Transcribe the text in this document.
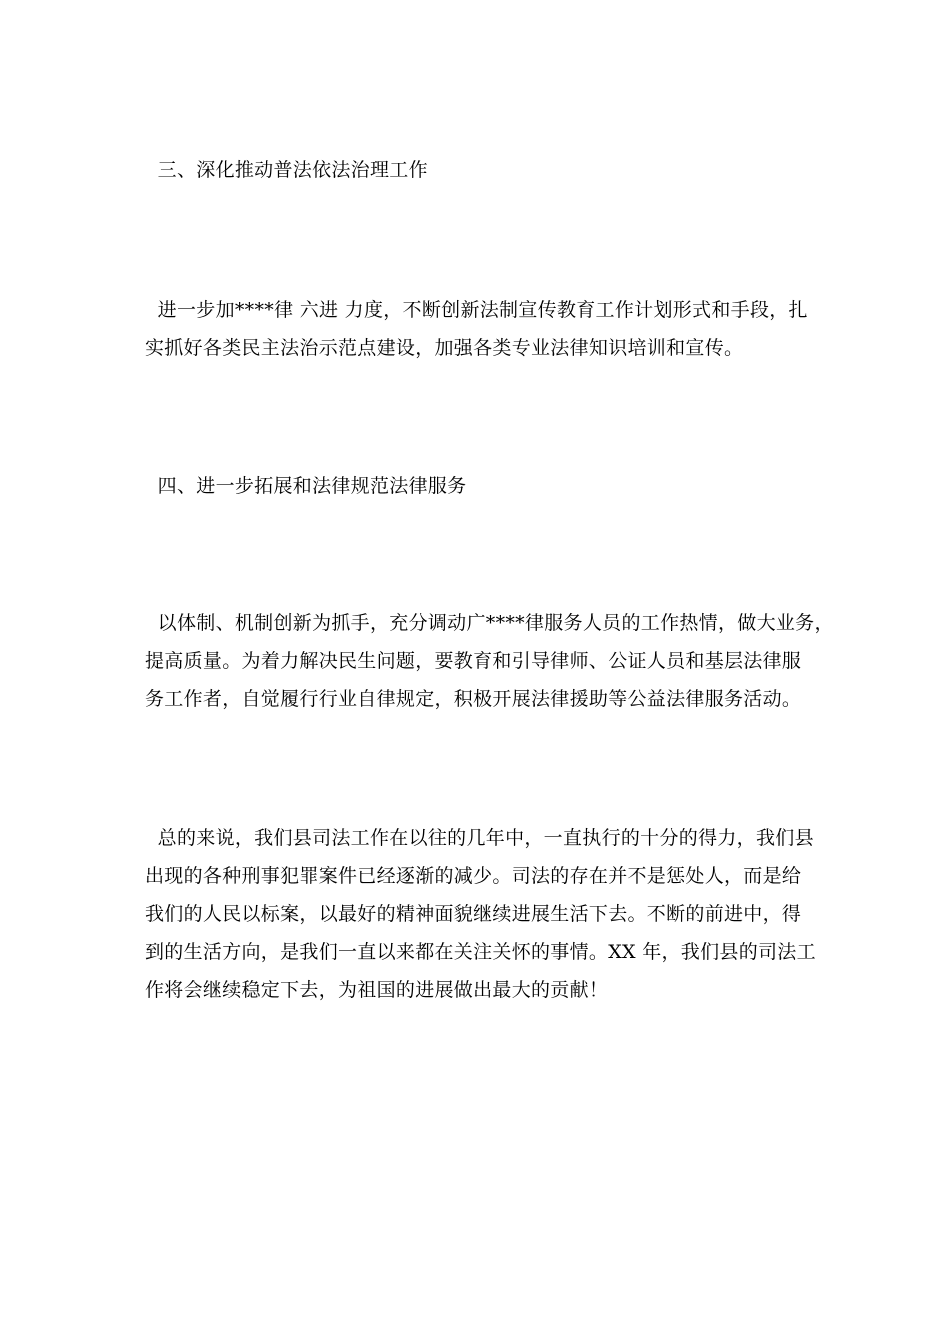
三、深化推动普法依法治理工作
进一步加****律 六进 力度，不断创新法制宣传教育工作计划形式和手段，扎
实抓好各类民主法治示范点建设，加强各类专业法律知识培训和宣传。
四、进一步拓展和法律规范法律服务
以体制、机制创新为抓手，充分调动广****律服务人员的工作热情，做大业务，
提高质量。为着力解决民生问题，要教育和引导律师、公证人员和基层法律服
务工作者，自觉履行行业自律规定，积极开展法律援助等公益法律服务活动。
总的来说，我们县司法工作在以往的几年中，一直执行的十分的得力，我们县
出现的各种刑事犯罪案件已经逐渐的减少。司法的存在并不是惩处人，而是给
我们的人民以标案，以最好的精神面貌继续进展生活下去。不断的前进中，得
到的生活方向，是我们一直以来都在关注关怀的事情。XX 年，我们县的司法工
作将会继续稳定下去，为祖国的进展做出最大的贡献！
